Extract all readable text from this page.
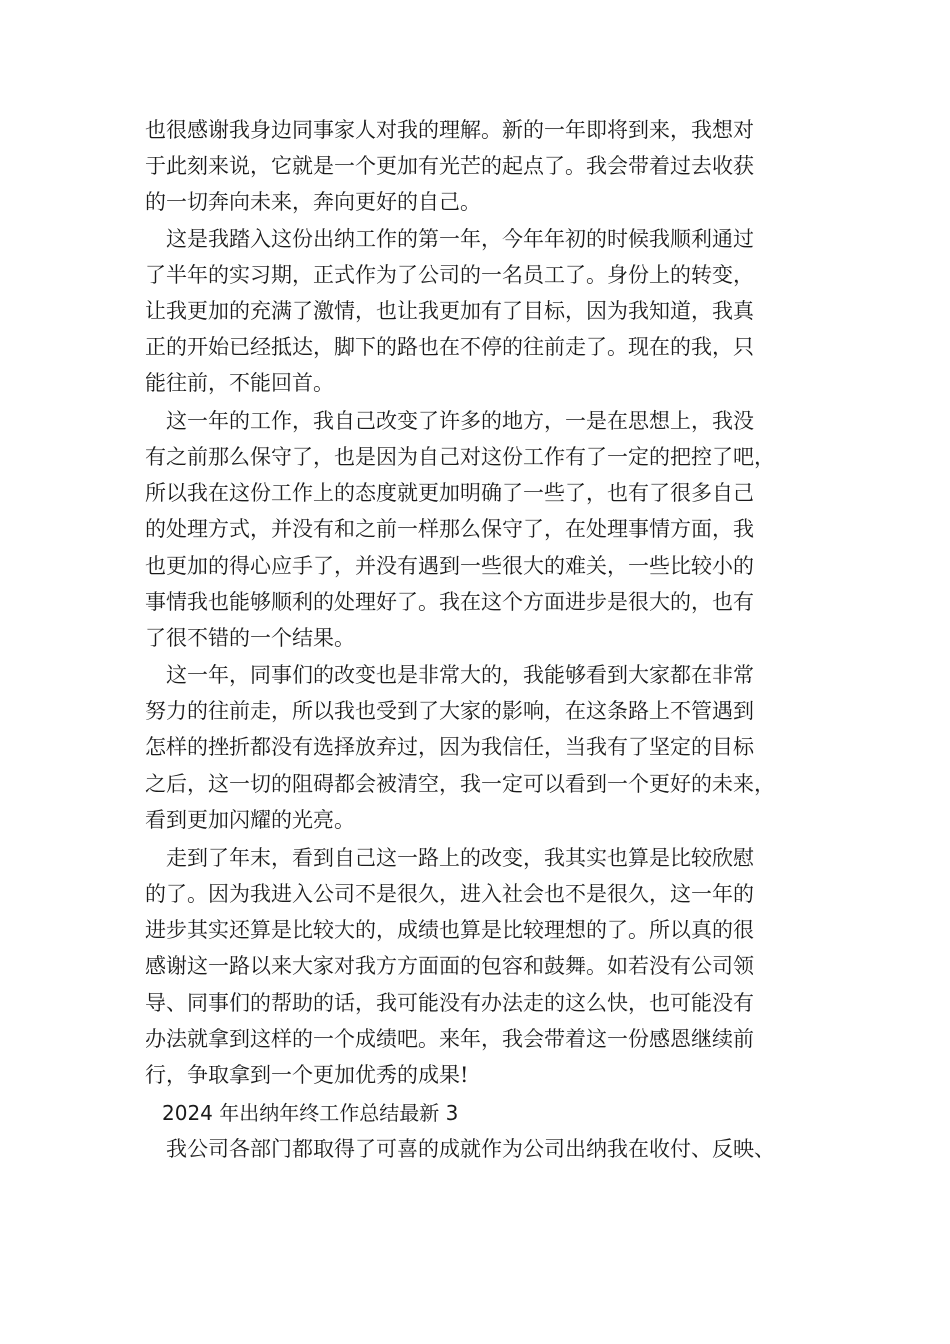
也很感谢我身边同事家人对我的理解。新的一年即将到来，我想对
于此刻来说，它就是一个更加有光芒的起点了。我会带着过去收获
的一切奔向未来，奔向更好的自己。
这是我踏入这份出纳工作的第一年，今年年初的时候我顺利通过
了半年的实习期，正式作为了公司的一名员工了。身份上的转变，
让我更加的充满了激情，也让我更加有了目标，因为我知道，我真
正的开始已经抵达，脚下的路也在不停的往前走了。现在的我，只
能往前，不能回首。
这一年的工作，我自己改变了许多的地方，一是在思想上，我没
有之前那么保守了，也是因为自己对这份工作有了一定的把控了吧，
所以我在这份工作上的态度就更加明确了一些了，也有了很多自己
的处理方式，并没有和之前一样那么保守了，在处理事情方面，我
也更加的得心应手了，并没有遇到一些很大的难关，一些比较小的
事情我也能够顺利的处理好了。我在这个方面进步是很大的，也有
了很不错的一个结果。
这一年，同事们的改变也是非常大的，我能够看到大家都在非常
努力的往前走，所以我也受到了大家的影响，在这条路上不管遇到
怎样的挫折都没有选择放弃过，因为我信任，当我有了坚定的目标
之后，这一切的阻碍都会被清空，我一定可以看到一个更好的未来，
看到更加闪耀的光亮。
走到了年末，看到自己这一路上的改变，我其实也算是比较欣慰
的了。因为我进入公司不是很久，进入社会也不是很久，这一年的
进步其实还算是比较大的，成绩也算是比较理想的了。所以真的很
感谢这一路以来大家对我方方面面的包容和鼓舞。如若没有公司领
导、同事们的帮助的话，我可能没有办法走的这么快，也可能没有
办法就拿到这样的一个成绩吧。来年，我会带着这一份感恩继续前
行，争取拿到一个更加优秀的成果!
2024 年出纳年终工作总结最新 3
我公司各部门都取得了可喜的成就作为公司出纳我在收付、反映、
